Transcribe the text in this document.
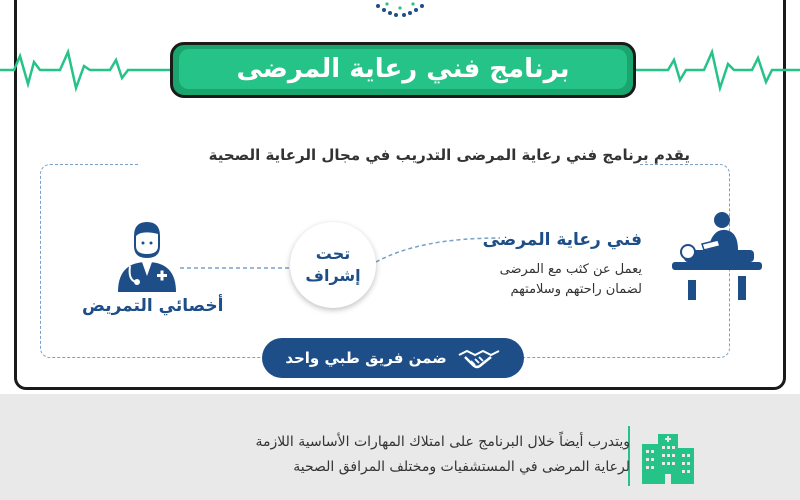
برنامج فني رعاية المرضى
يقدم برنامج فني رعاية المرضى التدريب في مجال الرعاية الصحية
تحت
إشراف
فني رعاية المرضى
يعمل عن كثب مع المرضى
لضمان راحتهم وسلامتهم
أخصائي التمريض
ضمن فريق طبي واحد
ويتدرب أيضاً خلال البرنامج على امتلاك المهارات الأساسية اللازمة
لرعاية المرضى في المستشفيات ومختلف المرافق الصحية
